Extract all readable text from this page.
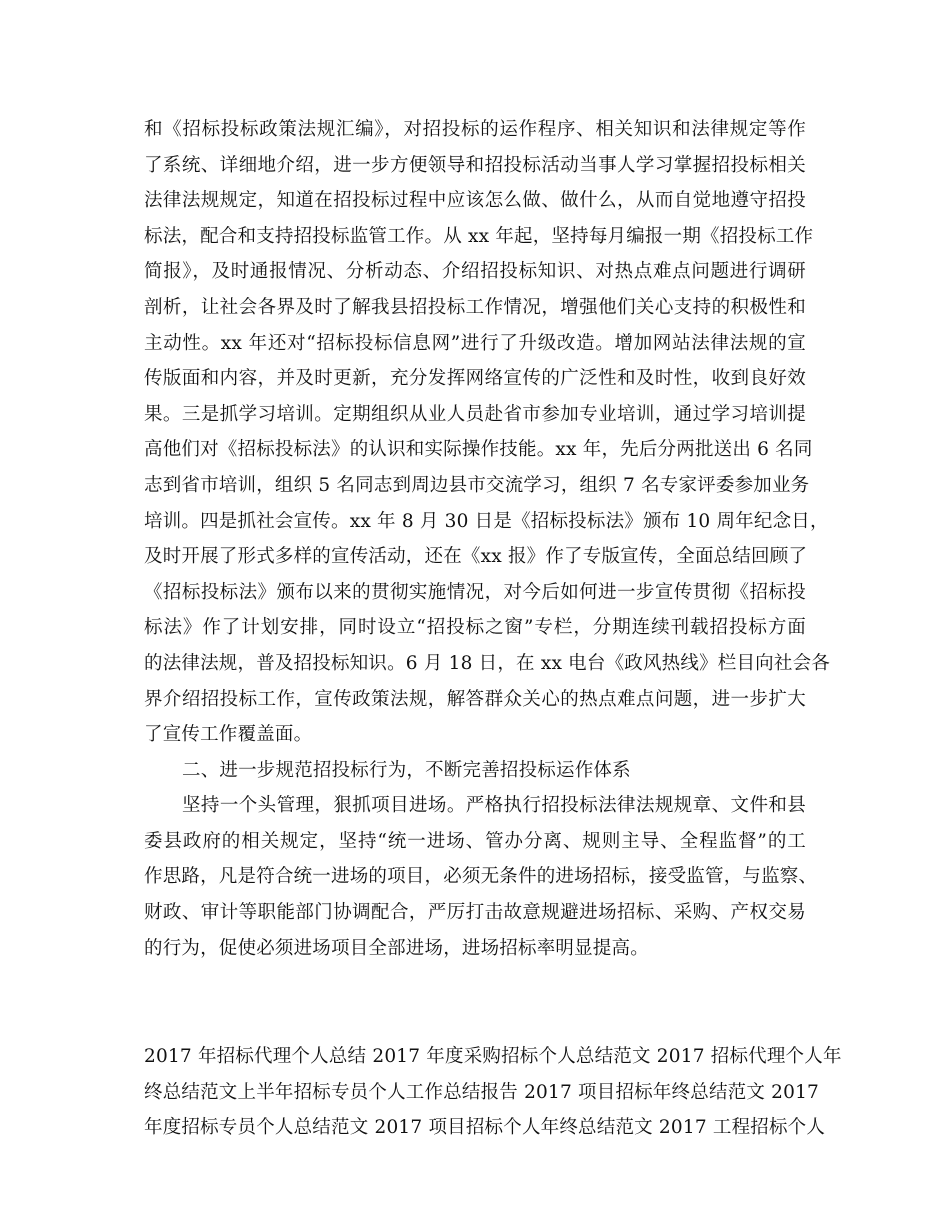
和《招标投标政策法规汇编》，对招投标的运作程序、相关知识和法律规定等作
了系统、详细地介绍，进一步方便领导和招投标活动当事人学习掌握招投标相关
法律法规规定，知道在招投标过程中应该怎么做、做什么，从而自觉地遵守招投
标法，配合和支持招投标监管工作。从 xx 年起，坚持每月编报一期《招投标工作
简报》，及时通报情况、分析动态、介绍招投标知识、对热点难点问题进行调研
剖析，让社会各界及时了解我县招投标工作情况，增强他们关心支持的积极性和
主动性。xx 年还对“招标投标信息网”进行了升级改造。增加网站法律法规的宣
传版面和内容，并及时更新，充分发挥网络宣传的广泛性和及时性，收到良好效
果。三是抓学习培训。定期组织从业人员赴省市参加专业培训，通过学习培训提
高他们对《招标投标法》的认识和实际操作技能。xx 年，先后分两批送出 6 名同
志到省市培训，组织 5 名同志到周边县市交流学习，组织 7 名专家评委参加业务
培训。四是抓社会宣传。xx 年 8 月 30 日是《招标投标法》颁布 10 周年纪念日，
及时开展了形式多样的宣传活动，还在《xx 报》作了专版宣传，全面总结回顾了
《招标投标法》颁布以来的贯彻实施情况，对今后如何进一步宣传贯彻《招标投
标法》作了计划安排，同时设立“招投标之窗”专栏，分期连续刊载招投标方面
的法律法规，普及招投标知识。6 月 18 日，在 xx 电台《政风热线》栏目向社会各
界介绍招投标工作，宣传政策法规，解答群众关心的热点难点问题，进一步扩大
了宣传工作覆盖面。
二、进一步规范招投标行为，不断完善招投标运作体系
坚持一个头管理，狠抓项目进场。严格执行招投标法律法规规章、文件和县
委县政府的相关规定，坚持“统一进场、管办分离、规则主导、全程监督”的工
作思路，凡是符合统一进场的项目，必须无条件的进场招标，接受监管，与监察、
财政、审计等职能部门协调配合，严厉打击故意规避进场招标、采购、产权交易
的行为，促使必须进场项目全部进场，进场招标率明显提高。
2017 年招标代理个人总结 2017 年度采购招标个人总结范文 2017 招标代理个人年
终总结范文上半年招标专员个人工作总结报告 2017 项目招标年终总结范文 2017
年度招标专员个人总结范文 2017 项目招标个人年终总结范文 2017 工程招标个人
